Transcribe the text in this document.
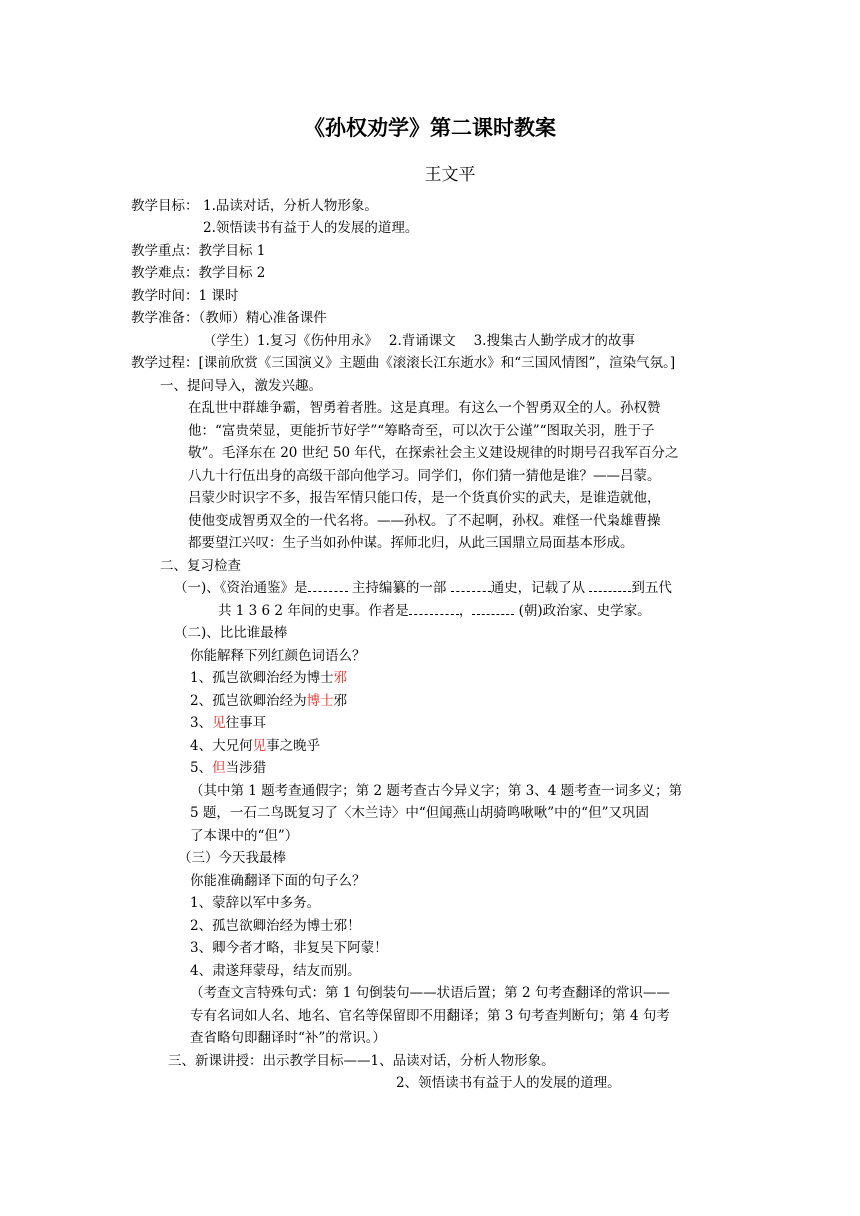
《孙权劝学》第二课时教案
王文平
教学目标： 1.品读对话，分析人物形象。
2.领悟读书有益于人的发展的道理。
教学重点：教学目标 1
教学难点：教学目标 2
教学时间：1 课时
教学准备：（教师）精心准备课件
（学生）1.复习《伤仲用永》　 2.背诵课文　 3.搜集古人勤学成才的故事
教学过程：[课前欣赏《三国演义》主题曲《滚滚长江东逝水》和“三国风情图”，渲染气氛。]
一、提问导入，激发兴趣。
在乱世中群雄争霸，智勇着者胜。这是真理。有这么一个智勇双全的人。孙权赞
他：“富贵荣显，更能折节好学”“筹略奇至，可以次于公谨”“图取关羽，胜于子
敬”。毛泽东在 20 世纪 50 年代，在探索社会主义建设规律的时期号召我军百分之
八九十行伍出身的高级干部向他学习。同学们，你们猜一猜他是谁？——吕蒙。
吕蒙少时识字不多，报告军情只能口传，是一个货真价实的武夫，是谁造就他，
使他变成智勇双全的一代名将。——孙权。了不起啊，孙权。难怪一代枭雄曹操
都要望江兴叹：生子当如孙仲谋。挥师北归，从此三国鼎立局面基本形成。
二、复习检查
（一)、《资治通鉴》是	主持编纂的一部	通史，记载了从	到五代
共 1 3 6 2 年间的史事。作者是	，	(朝)政治家、史学家。
（二)、比比谁最棒
你能解释下列红颜色词语么？
1、孤岂欲卿治经为博士邪
2、孤岂欲卿治经为博士邪
3、见往事耳
4、大兄何见事之晚乎
5、但当涉猎
（其中第 1 题考查通假字；第 2 题考查古今异义字；第 3、4 题考查一词多义；第
5 题，一石二鸟既复习了〈木兰诗〉中“但闻燕山胡骑鸣啾啾”中的“但”又巩固
了本课中的“但”）
（三）今天我最棒
你能准确翻译下面的句子么？
1、蒙辞以军中多务。
2、孤岂欲卿治经为博士邪！
3、卿今者才略，非复吴下阿蒙！
4、肃遂拜蒙母，结友而别。
（考查文言特殊句式：第 1 句倒装句——状语后置；第 2 句考查翻译的常识——
专有名词如人名、地名、官名等保留即不用翻译；第 3 句考查判断句；第 4 句考
查省略句即翻译时“补”的常识。）
三、新课讲授：出示教学目标——1、品读对话，分析人物形象。
2、领悟读书有益于人的发展的道理。
